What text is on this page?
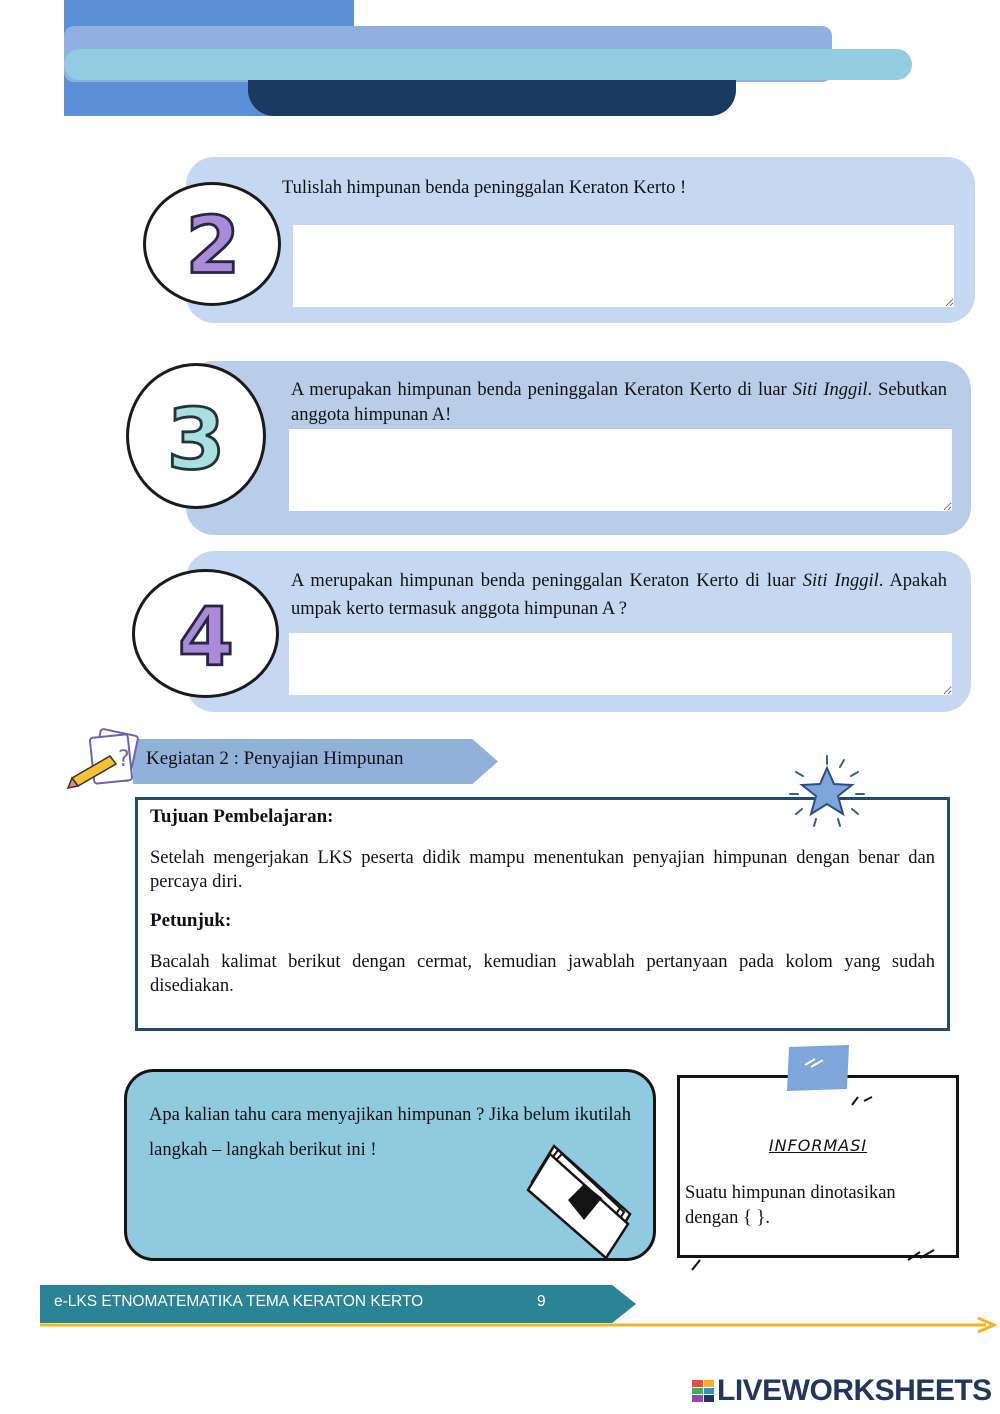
2
Tulislah himpunan benda peninggalan Keraton Kerto !
3
A merupakan himpunan benda peninggalan Keraton Kerto di luar Siti Inggil. Sebutkan anggota himpunan A!
4
A merupakan himpunan benda peninggalan Keraton Kerto di luar Siti Inggil. Apakah umpak kerto termasuk anggota himpunan A ?
? Kegiatan 2 : Penyajian Himpunan
Tujuan Pembelajaran:
Setelah mengerjakan LKS peserta didik mampu menentukan penyajian himpunan dengan benar dan percaya diri.
Petunjuk:
Bacalah kalimat berikut dengan cermat, kemudian jawablah pertanyaan pada kolom yang sudah disediakan.
Apa kalian tahu cara menyajikan himpunan ? Jika belum ikutilah langkah – langkah berikut ini !	INFORMASI
Suatu himpunan dinotasikan dengan { }.
e-LKS ETNOMATEMATIKA TEMA KERATON KERTO	9
LIVEWORKSHEETS
